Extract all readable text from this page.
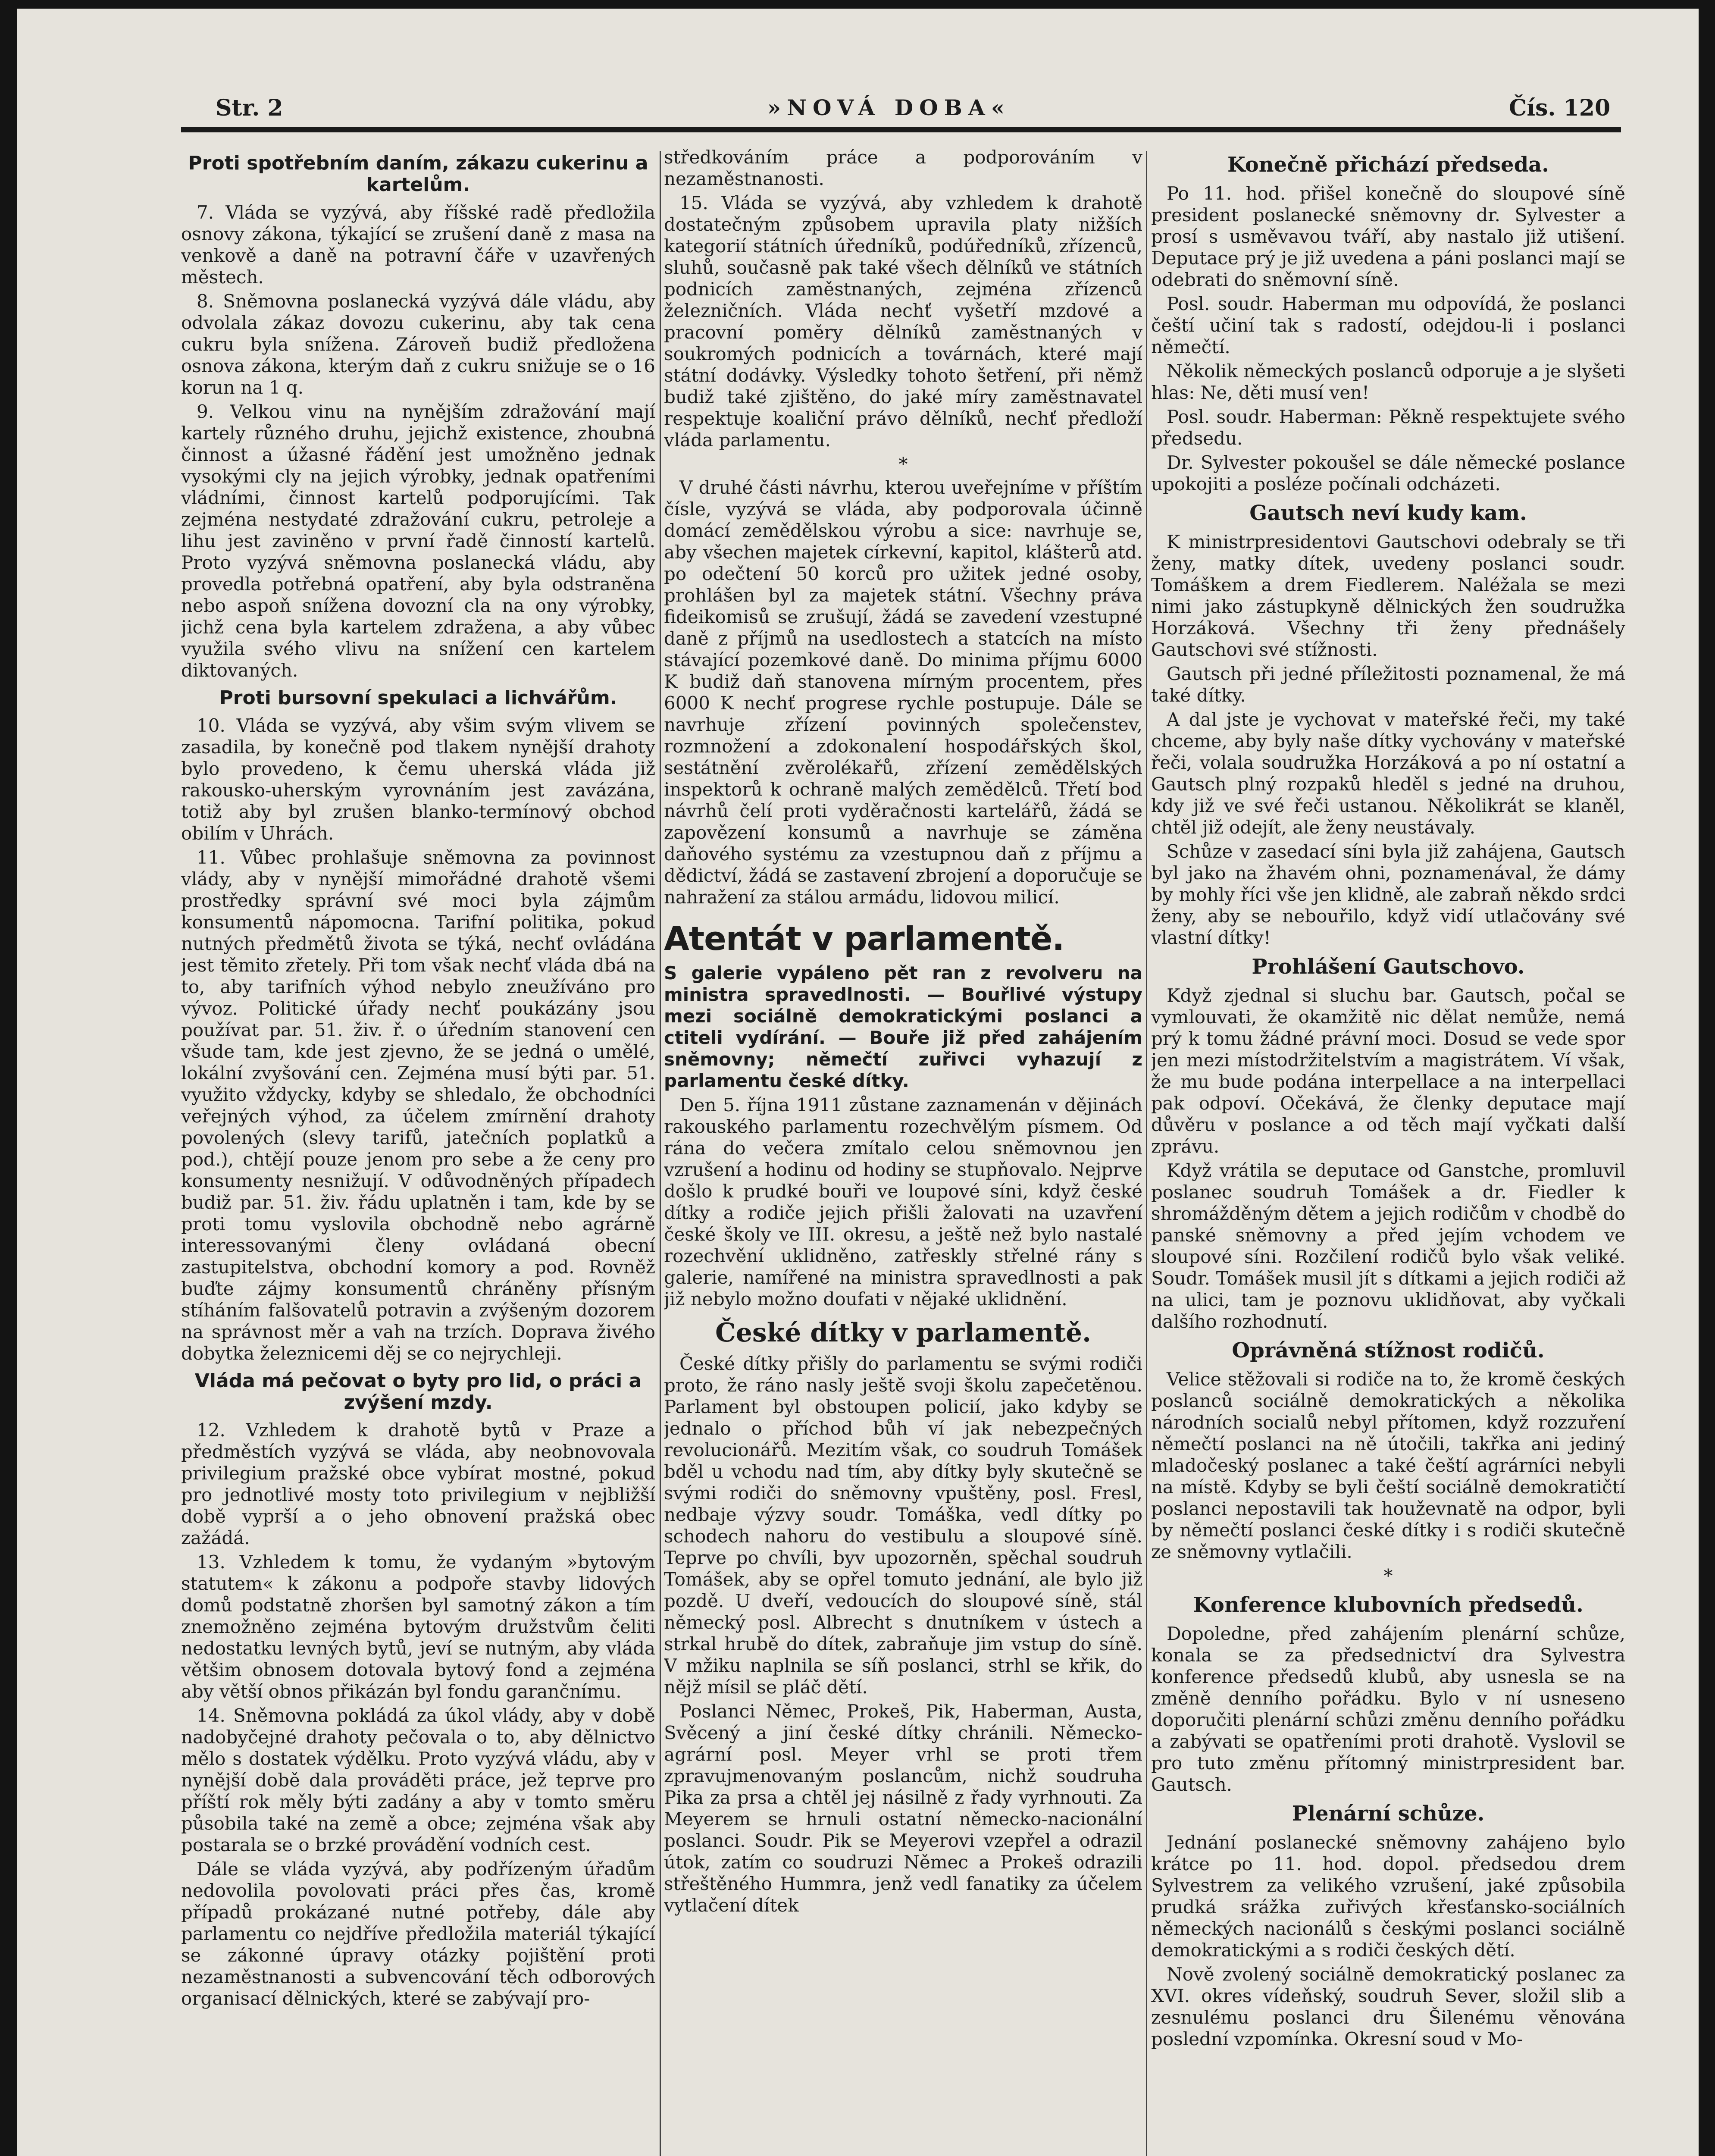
Str. 2	»NOVÁ DOBA«	Čís. 120
Proti spotřebním daním, zákazu cukerinu a kartelům.

7. Vláda se vyzývá, aby říšské radě předložila osnovy zákona, týkající se zrušení daně z masa na venkově a daně na potravní čáře v uzavřených městech.

8. Sněmovna poslanecká vyzývá dále vládu, aby odvolala zákaz dovozu cukerinu, aby tak cena cukru byla snížena. Zároveň budiž předložena osnova zákona, kterým daň z cukru snižuje se o 16 korun na 1 q.

9. Velkou vinu na nynějším zdražování mají kartely různého druhu, jejichž existence, zhoubná činnost a úžasné řádění jest umožněno jednak vysokými cly na jejich výrobky, jednak opatřeními vládními, činnost kartelů podporujícími. Tak zejména nestydaté zdražování cukru, petroleje a lihu jest zaviněno v první řadě činností kartelů. Proto vyzývá sněmovna poslanecká vládu, aby provedla potřebná opatření, aby byla odstraněna nebo aspoň snížena dovozní cla na ony výrobky, jichž cena byla kartelem zdražena, a aby vůbec využila svého vlivu na snížení cen kartelem diktovaných.

Proti bursovní spekulaci a lichvářům.

10. Vláda se vyzývá, aby všim svým vlivem se zasadila, by konečně pod tlakem nynější drahoty bylo provedeno, k čemu uherská vláda již rakousko-uherským vyrovnáním jest zavázána, totiž aby byl zrušen blanko-termínový obchod obilím v Uhrách.

11. Vůbec prohlašuje sněmovna za povinnost vlády, aby v nynější mimořádné drahotě všemi prostředky správní své moci byla zájmům konsumentů nápomocna. Tarifní politika, pokud nutných předmětů života se týká, nechť ovládána jest těmito zřetely. Při tom však nechť vláda dbá na to, aby tarifních výhod nebylo zneužíváno pro vývoz. Politické úřady nechť poukázány jsou používat par. 51. živ. ř. o úředním stanovení cen všude tam, kde jest zjevno, že se jedná o umělé, lokální zvyšování cen. Zejména musí býti par. 51. využito vždycky, kdyby se shledalo, že obchodníci veřejných výhod, za účelem zmírnění drahoty povolených (slevy tarifů, jatečních poplatků a pod.), chtějí pouze jenom pro sebe a že ceny pro konsumenty nesnižují. V odůvodněných případech budiž par. 51. živ. řádu uplatněn i tam, kde by se proti tomu vyslovila obchodně nebo agrárně interessovanými členy ovládaná obecní zastupitelstva, obchodní komory a pod. Rovněž buďte zájmy konsumentů chráněny přísným stíháním falšovatelů potravin a zvýšeným dozorem na správnost měr a vah na trzích. Doprava živého dobytka železnicemi děj se co nejrychleji.

Vláda má pečovat o byty pro lid, o práci a zvýšení mzdy.

12. Vzhledem k drahotě bytů v Praze a předměstích vyzývá se vláda, aby neobnovovala privilegium pražské obce vybírat mostné, pokud pro jednotlivé mosty toto privilegium v nejbližší době vyprší a o jeho obnovení pražská obec zažádá.

13. Vzhledem k tomu, že vydaným »bytovým statutem« k zákonu a podpoře stavby lidových domů podstatně zhoršen byl samotný zákon a tím znemožněno zejména bytovým družstvům čeliti nedostatku levných bytů, jeví se nutným, aby vláda většim obnosem dotovala bytový fond a zejména aby větší obnos přikázán byl fondu garančnímu.

14. Sněmovna pokládá za úkol vlády, aby v době nadobyčejné drahoty pečovala o to, aby dělnictvo mělo s dostatek výdělku. Proto vyzývá vládu, aby v nynější době dala prováděti práce, jež teprve pro příští rok měly býti zadány a aby v tomto směru působila také na země a obce; zejména však aby postarala se o brzké provádění vodních cest.

Dále se vláda vyzývá, aby podřízeným úřadům nedovolila povolovati práci přes čas, kromě případů prokázané nutné potřeby, dále aby parlamentu co nejdříve předložila materiál týkající se zákonné úpravy otázky pojištění proti nezaměstnanosti a subvencování těch odborových organisací dělnických, které se zabývají pro-

středkováním práce a podporováním v nezaměstnanosti.

15. Vláda se vyzývá, aby vzhledem k drahotě dostatečným způsobem upravila platy nižších kategorií státních úředníků, podúředníků, zřízenců, sluhů, současně pak také všech dělníků ve státních podnicích zaměstnaných, zejména zřízenců železničních. Vláda nechť vyšetří mzdové a pracovní poměry dělníků zaměstnaných v soukromých podnicích a továrnách, které mají státní dodávky. Výsledky tohoto šetření, při němž budiž také zjištěno, do jaké míry zaměstnavatel respektuje koaliční právo dělníků, nechť předloží vláda parlamentu.

*

V druhé části návrhu, kterou uveřejníme v příštím čísle, vyzývá se vláda, aby podporovala účinně domácí zemědělskou výrobu a sice: navrhuje se, aby všechen majetek církevní, kapitol, klášterů atd. po odečtení 50 korců pro užitek jedné osoby, prohlášen byl za majetek státní. Všechny práva fideikomisů se zrušují, žádá se zavedení vzestupné daně z příjmů na usedlostech a statcích na místo stávající pozemkové daně. Do minima příjmu 6000 K budiž daň stanovena mírným procentem, přes 6000 K nechť progrese rychle postupuje. Dále se navrhuje zřízení povinných společenstev, rozmnožení a zdokonalení hospodářských škol, sestátnění zvěrolékařů, zřízení zemědělských inspektorů k ochraně malých zemědělců. Třetí bod návrhů čelí proti vyděračnosti kartelářů, žádá se zapovězení konsumů a navrhuje se záměna daňového systému za vzestupnou daň z příjmu a dědictví, žádá se zastavení zbrojení a doporučuje se nahražení za stálou armádu, lidovou milicí.

Atentát v parlamentě.

S galerie vypáleno pět ran z revolveru na ministra spravedlnosti. — Bouřlivé výstupy mezi sociálně demokratickými poslanci a ctiteli vydírání. — Bouře již před zahájením sněmovny; němečtí zuřivci vyhazují z parlamentu české dítky.

Den 5. října 1911 zůstane zaznamenán v dějinách rakouského parlamentu rozechvělým písmem. Od rána do večera zmítalo celou sněmovnou jen vzrušení a hodinu od hodiny se stupňovalo. Nejprve došlo k prudké bouři ve loupové síni, když české dítky a rodiče jejich přišli žalovati na uzavření české školy ve III. okresu, a ještě než bylo nastalé rozechvění uklidněno, zatřeskly střelné rány s galerie, namířené na ministra spravedlnosti a pak již nebylo možno doufati v nějaké uklidnění.

České dítky v parlamentě.

České dítky přišly do parlamentu se svými rodiči proto, že ráno nasly ještě svoji školu zapečetěnou. Parlament byl obstoupen policií, jako kdyby se jednalo o příchod bůh ví jak nebezpečných revolucionářů. Mezitím však, co soudruh Tomášek bděl u vchodu nad tím, aby dítky byly skutečně se svými rodiči do sněmovny vpuštěny, posl. Fresl, nedbaje výzvy soudr. Tomáška, vedl dítky po schodech nahoru do vestibulu a sloupové síně. Teprve po chvíli, byv upozorněn, spěchal soudruh Tomášek, aby se opřel tomuto jednání, ale bylo již pozdě. U dveří, vedoucích do sloupové síně, stál německý posl. Albrecht s dnutníkem v ústech a strkal hrubě do dítek, zabraňuje jim vstup do síně. V mžiku naplnila se síň poslanci, strhl se křik, do nějž mísil se pláč dětí.

Poslanci Němec, Prokeš, Pik, Haberman, Austa, Svěcený a jiní české dítky chránili. Německo-agrární posl. Meyer vrhl se proti třem zpravujmenovaným poslancům, nichž soudruha Pika za prsa a chtěl jej násilně z řady vyrhnouti. Za Meyerem se hrnuli ostatní německo-nacionální poslanci. Soudr. Pik se Meyerovi vzepřel a odrazil útok, zatím co soudruzi Němec a Prokeš odrazili střeštěného Hummra, jenž vedl fanatiky za účelem vytlačení dítek

Konečně přichází předseda.

Po 11. hod. přišel konečně do sloupové síně president poslanecké sněmovny dr. Sylvester a prosí s usměvavou tváří, aby nastalo již utišení. Deputace prý je již uvedena a páni poslanci mají se odebrati do sněmovní síně.

Posl. soudr. Haberman mu odpovídá, že poslanci čeští učiní tak s radostí, odejdou-li i poslanci němečtí.

Několik německých poslanců odporuje a je slyšeti hlas: Ne, děti musí ven!

Posl. soudr. Haberman: Pěkně respektujete svého předsedu.

Dr. Sylvester pokoušel se dále německé poslance upokojiti a posléze počínali odcházeti.

Gautsch neví kudy kam.

K ministrpresidentovi Gautschovi odebraly se tři ženy, matky dítek, uvedeny poslanci soudr. Tomáškem a drem Fiedlerem. Naléžala se mezi nimi jako zástupkyně dělnických žen soudružka Horzáková. Všechny tři ženy přednášely Gautschovi své stížnosti.

Gautsch při jedné příležitosti poznamenal, že má také dítky.

A dal jste je vychovat v mateřské řeči, my také chceme, aby byly naše dítky vychovány v mateřské řeči, volala soudružka Horzáková a po ní ostatní a Gautsch plný rozpaků hleděl s jedné na druhou, kdy již ve své řeči ustanou. Několikrát se klaněl, chtěl již odejít, ale ženy neustávaly.

Schůze v zasedací síni byla již zahájena, Gautsch byl jako na žhavém ohni, poznamenával, že dámy by mohly říci vše jen klidně, ale zabraň někdo srdci ženy, aby se nebouřilo, když vidí utlačovány své vlastní dítky!

Prohlášení Gautschovo.

Když zjednal si sluchu bar. Gautsch, počal se vymlouvati, že okamžitě nic dělat nemůže, nemá prý k tomu žádné právní moci. Dosud se vede spor jen mezi místodržitelstvím a magistrátem. Ví však, že mu bude podána interpellace a na interpellaci pak odpoví. Očekává, že členky deputace mají důvěru v poslance a od těch mají vyčkati další zprávu.

Když vrátila se deputace od Ganstche, promluvil poslanec soudruh Tomášek a dr. Fiedler k shromážděným dětem a jejich rodičům v chodbě do panské sněmovny a před jejím vchodem ve sloupové síni. Rozčilení rodičů bylo však veliké. Soudr. Tomášek musil jít s dítkami a jejich rodiči až na ulici, tam je poznovu uklidňovat, aby vyčkali dalšího rozhodnutí.

Oprávněná stížnost rodičů.

Velice stěžovali si rodiče na to, že kromě českých poslanců sociálně demokratických a několika národních socialů nebyl přítomen, když rozzuření němečtí poslanci na ně útočili, takřka ani jediný mladočeský poslanec a také čeští agrárníci nebyli na místě. Kdyby se byli čeští sociálně demokratičtí poslanci nepostavili tak houževnatě na odpor, byli by němečtí poslanci české dítky i s rodiči skutečně ze sněmovny vytlačili.

*
Konference klubovních předsedů.

Dopoledne, před zahájením plenární schůze, konala se za předsednictví dra Sylvestra konference předsedů klubů, aby usnesla se na změně denního pořádku. Bylo v ní usneseno doporučiti plenární schůzi změnu denního pořádku a zabývati se opatřeními proti drahotě. Vyslovil se pro tuto změnu přítomný ministrpresident bar. Gautsch.

Plenární schůze.

Jednání poslanecké sněmovny zahájeno bylo krátce po 11. hod. dopol. předsedou drem Sylvestrem za velikého vzrušení, jaké způsobila prudká srážka zuřivých křesťansko-sociálních německých nacionálů s českými poslanci sociálně demokratickými a s rodiči českých dětí.

Nově zvolený sociálně demokratický poslanec za XVI. okres vídeňský, soudruh Sever, složil slib a zesnulému poslanci dru Šilenému věnována poslední vzpomínka. Okresní soud v Mo-
